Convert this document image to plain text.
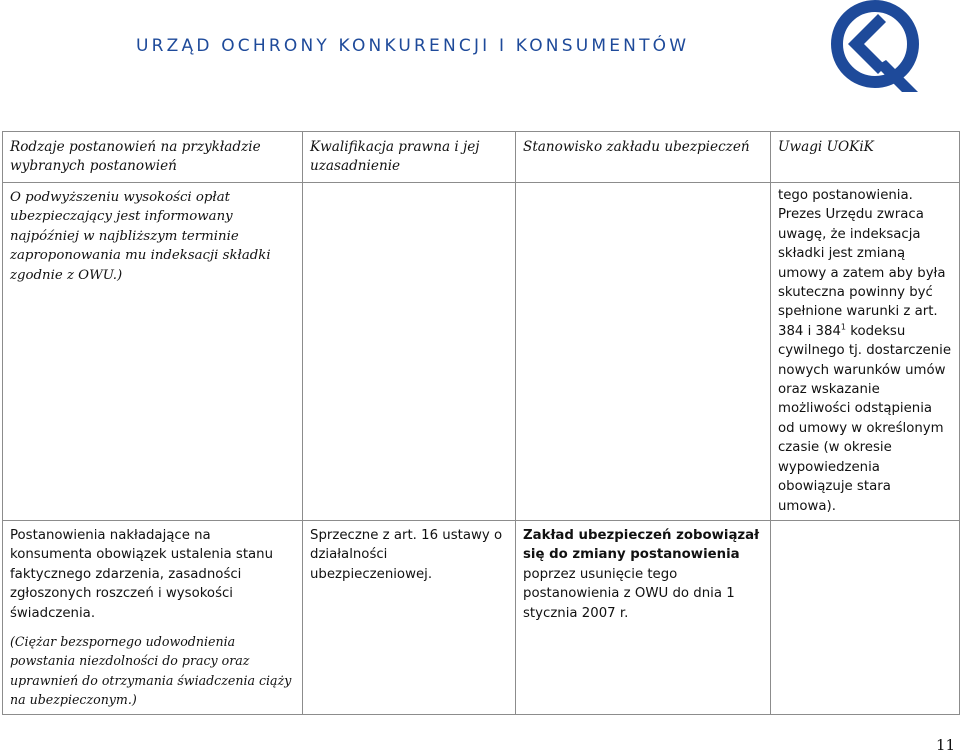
URZĄD OCHRONY KONKURENCJI I KONSUMENTÓW
Rodzaje postanowień na przykładzie wybranych postanowień	Kwalifikacja prawna i jej uzasadnienie	Stanowisko zakładu ubezpieczeń	Uwagi UOKiK
O podwyższeniu wysokości opłat ubezpieczający jest informowany najpóźniej w najbliższym terminie zaproponowania mu indeksacji składki zgodnie z OWU.)			tego postanowienia. Prezes Urzędu zwraca uwagę, że indeksacja składki jest zmianą umowy a zatem aby była skuteczna powinny być spełnione warunki z art. 384 i $384^1$ kodeksu cywilnego tj. dostarczenie nowych warunków umów oraz wskazanie możliwości odstąpienia od umowy w określonym czasie (w okresie wypowiedzenia obowiązuje stara umowa).

Postanowienia nakładające na konsumenta obowiązek ustalenia stanu faktycznego zdarzenia, zasadności zgłoszonych roszczeń i wysokości świadczenia.
(Ciężar bezspornego udowodnienia powstania niezdolności do pracy oraz uprawnień do otrzymania świadczenia ciąży na ubezpieczonym.)	Sprzeczne z art. 16 ustawy o działalności ubezpieczeniowej.	Zakład ubezpieczeń zobowiązał się do zmiany postanowienia poprzez usunięcie tego postanowienia z OWU do dnia 1 stycznia 2007 r.	
11
